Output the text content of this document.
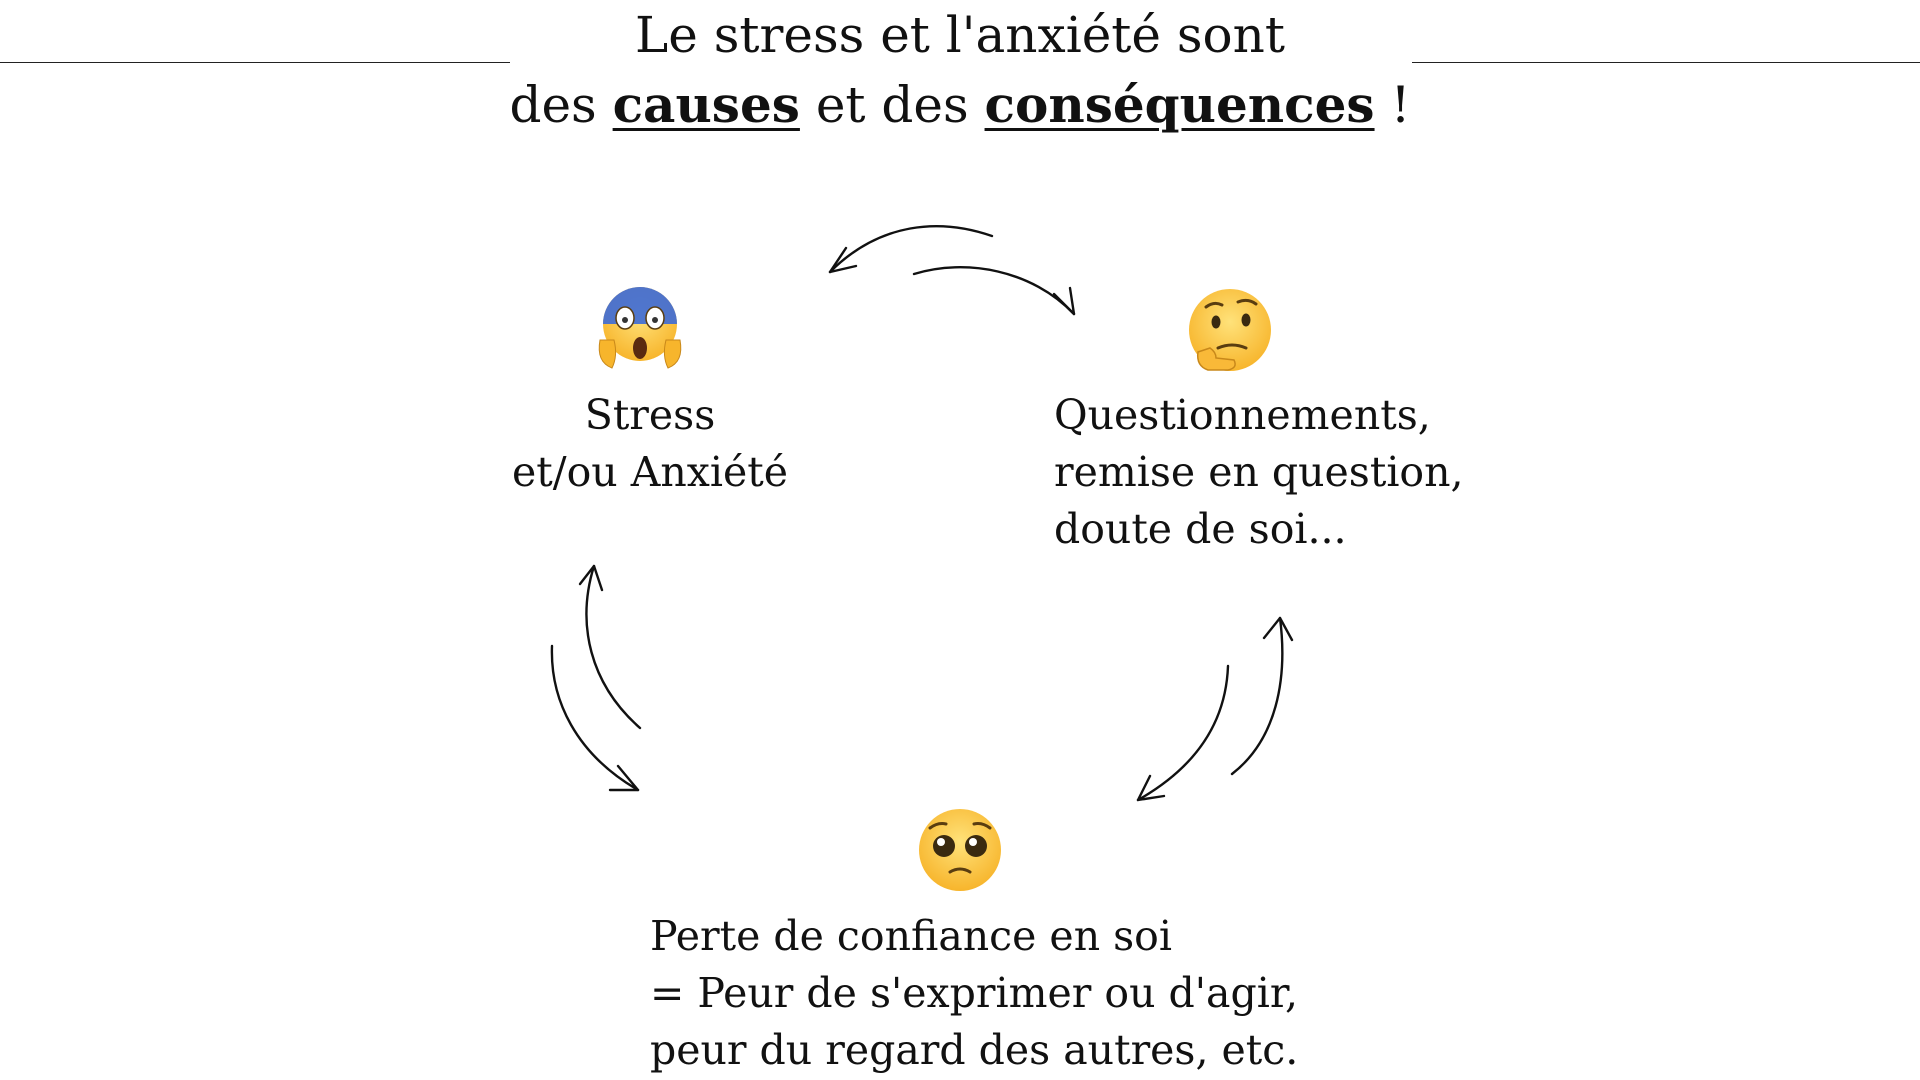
Le stress et l'anxiété sont
des causes et des conséquences !

Stress

et/ou Anxiété

Questionnements,

remise en question,

doute de soi...

Perte de confiance en soi

= Peur de s'exprimer ou d'agir,

peur du regard des autres, etc.
